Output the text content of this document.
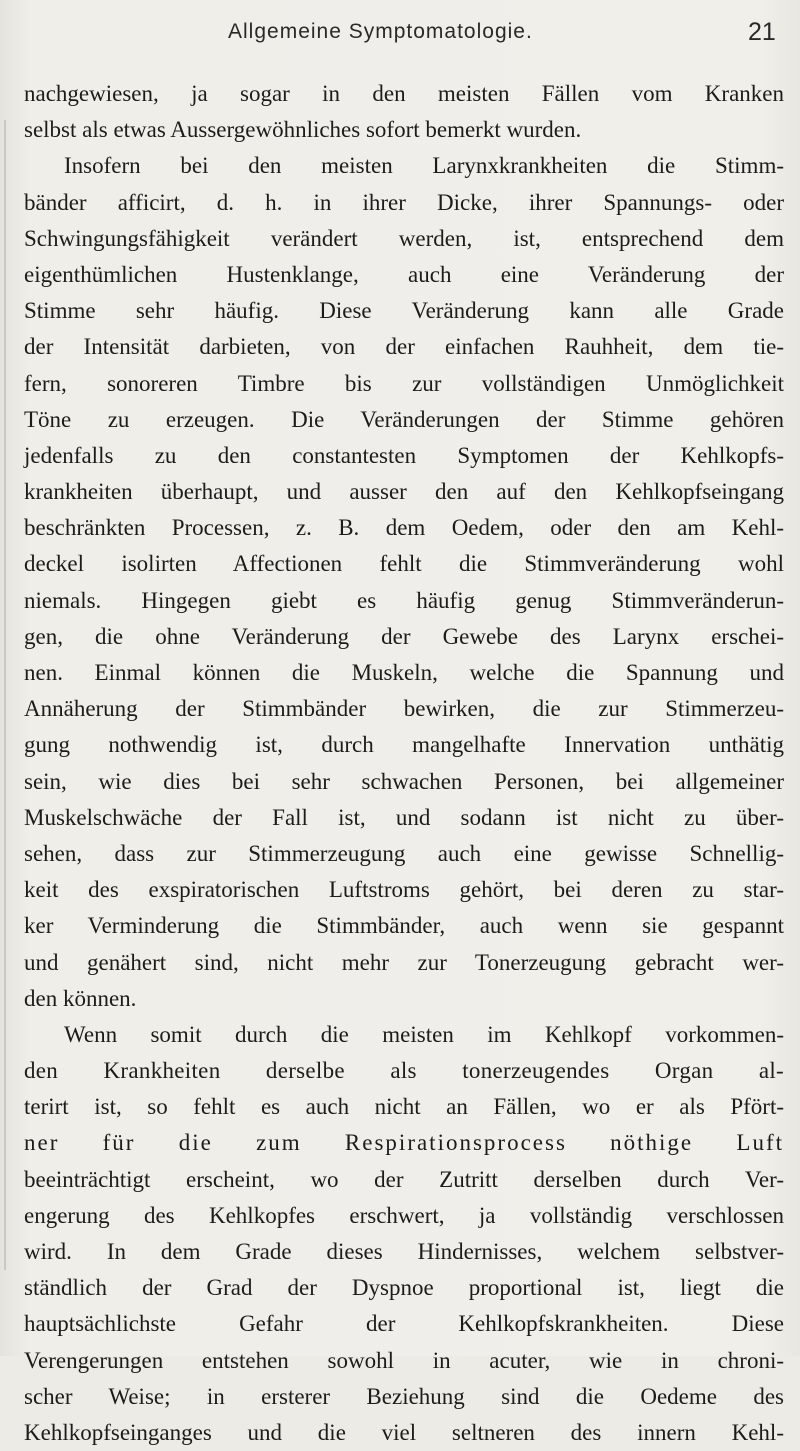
Allgemeine Symptomatologie.	21
nachgewiesen, ja sogar in den meisten Fällen vom Kranken
selbst als etwas Aussergewöhnliches sofort bemerkt wurden.
Insofern bei den meisten Larynxkrankheiten die Stimm-
bänder afficirt, d. h. in ihrer Dicke, ihrer Spannungs- oder
Schwingungsfähigkeit verändert werden, ist, entsprechend dem
eigenthümlichen Hustenklange, auch eine Veränderung der
Stimme sehr häufig. Diese Veränderung kann alle Grade
der Intensität darbieten, von der einfachen Rauhheit, dem tie-
fern, sonoreren Timbre bis zur vollständigen Unmöglichkeit
Töne zu erzeugen. Die Veränderungen der Stimme gehören
jedenfalls zu den constantesten Symptomen der Kehlkopfs-
krankheiten überhaupt, und ausser den auf den Kehlkopfseingang
beschränkten Processen, z. B. dem Oedem, oder den am Kehl-
deckel isolirten Affectionen fehlt die Stimmveränderung wohl
niemals. Hingegen giebt es häufig genug Stimmveränderun-
gen, die ohne Veränderung der Gewebe des Larynx erschei-
nen. Einmal können die Muskeln, welche die Spannung und
Annäherung der Stimmbänder bewirken, die zur Stimmerzeu-
gung nothwendig ist, durch mangelhafte Innervation unthätig
sein, wie dies bei sehr schwachen Personen, bei allgemeiner
Muskelschwäche der Fall ist, und sodann ist nicht zu über-
sehen, dass zur Stimmerzeugung auch eine gewisse Schnellig-
keit des exspiratorischen Luftstroms gehört, bei deren zu star-
ker Verminderung die Stimmbänder, auch wenn sie gespannt
und genähert sind, nicht mehr zur Tonerzeugung gebracht wer-
den können.
Wenn somit durch die meisten im Kehlkopf vorkommen-
den Krankheiten derselbe als tonerzeugendes Organ al-
terirt ist, so fehlt es auch nicht an Fällen, wo er als Pfört-
ner für die zum Respirationsprocess nöthige Luft
beeinträchtigt erscheint, wo der Zutritt derselben durch Ver-
engerung des Kehlkopfes erschwert, ja vollständig verschlossen
wird. In dem Grade dieses Hindernisses, welchem selbstver-
ständlich der Grad der Dyspnoe proportional ist, liegt die
hauptsächlichste Gefahr der Kehlkopfskrankheiten. Diese
Verengerungen entstehen sowohl in acuter, wie in chroni-
scher Weise; in ersterer Beziehung sind die Oedeme des
Kehlkopfseinganges und die viel seltneren des innern Kehl-
